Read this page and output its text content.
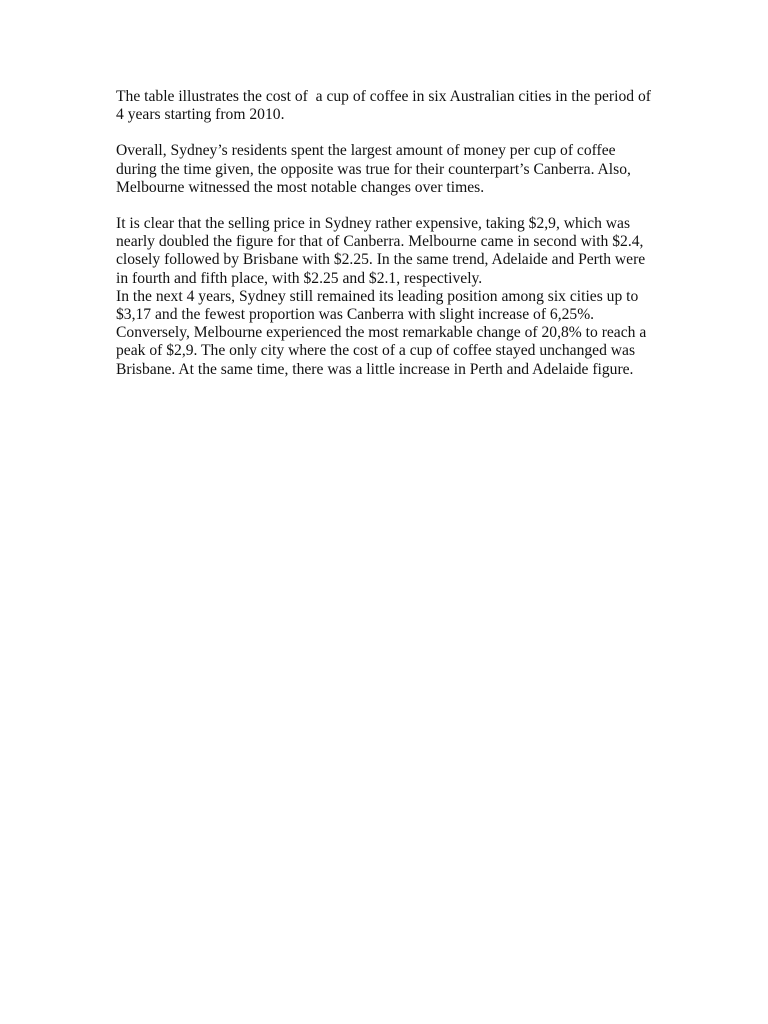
The table illustrates the cost of  a cup of coffee in six Australian cities in the period of 4 years starting from 2010.

Overall, Sydney’s residents spent the largest amount of money per cup of coffee during the time given, the opposite was true for their counterpart’s Canberra. Also, Melbourne witnessed the most notable changes over times.

It is clear that the selling price in Sydney rather expensive, taking $2,9, which was nearly doubled the figure for that of Canberra. Melbourne came in second with $2.4, closely followed by Brisbane with $2.25. In the same trend, Adelaide and Perth were in fourth and fifth place, with $2.25 and $2.1, respectively.

In the next 4 years, Sydney still remained its leading position among six cities up to $3,17 and the fewest proportion was Canberra with slight increase of 6,25%. Conversely, Melbourne experienced the most remarkable change of 20,8% to reach a peak of $2,9. The only city where the cost of a cup of coffee stayed unchanged was Brisbane. At the same time, there was a little increase in Perth and Adelaide figure.
